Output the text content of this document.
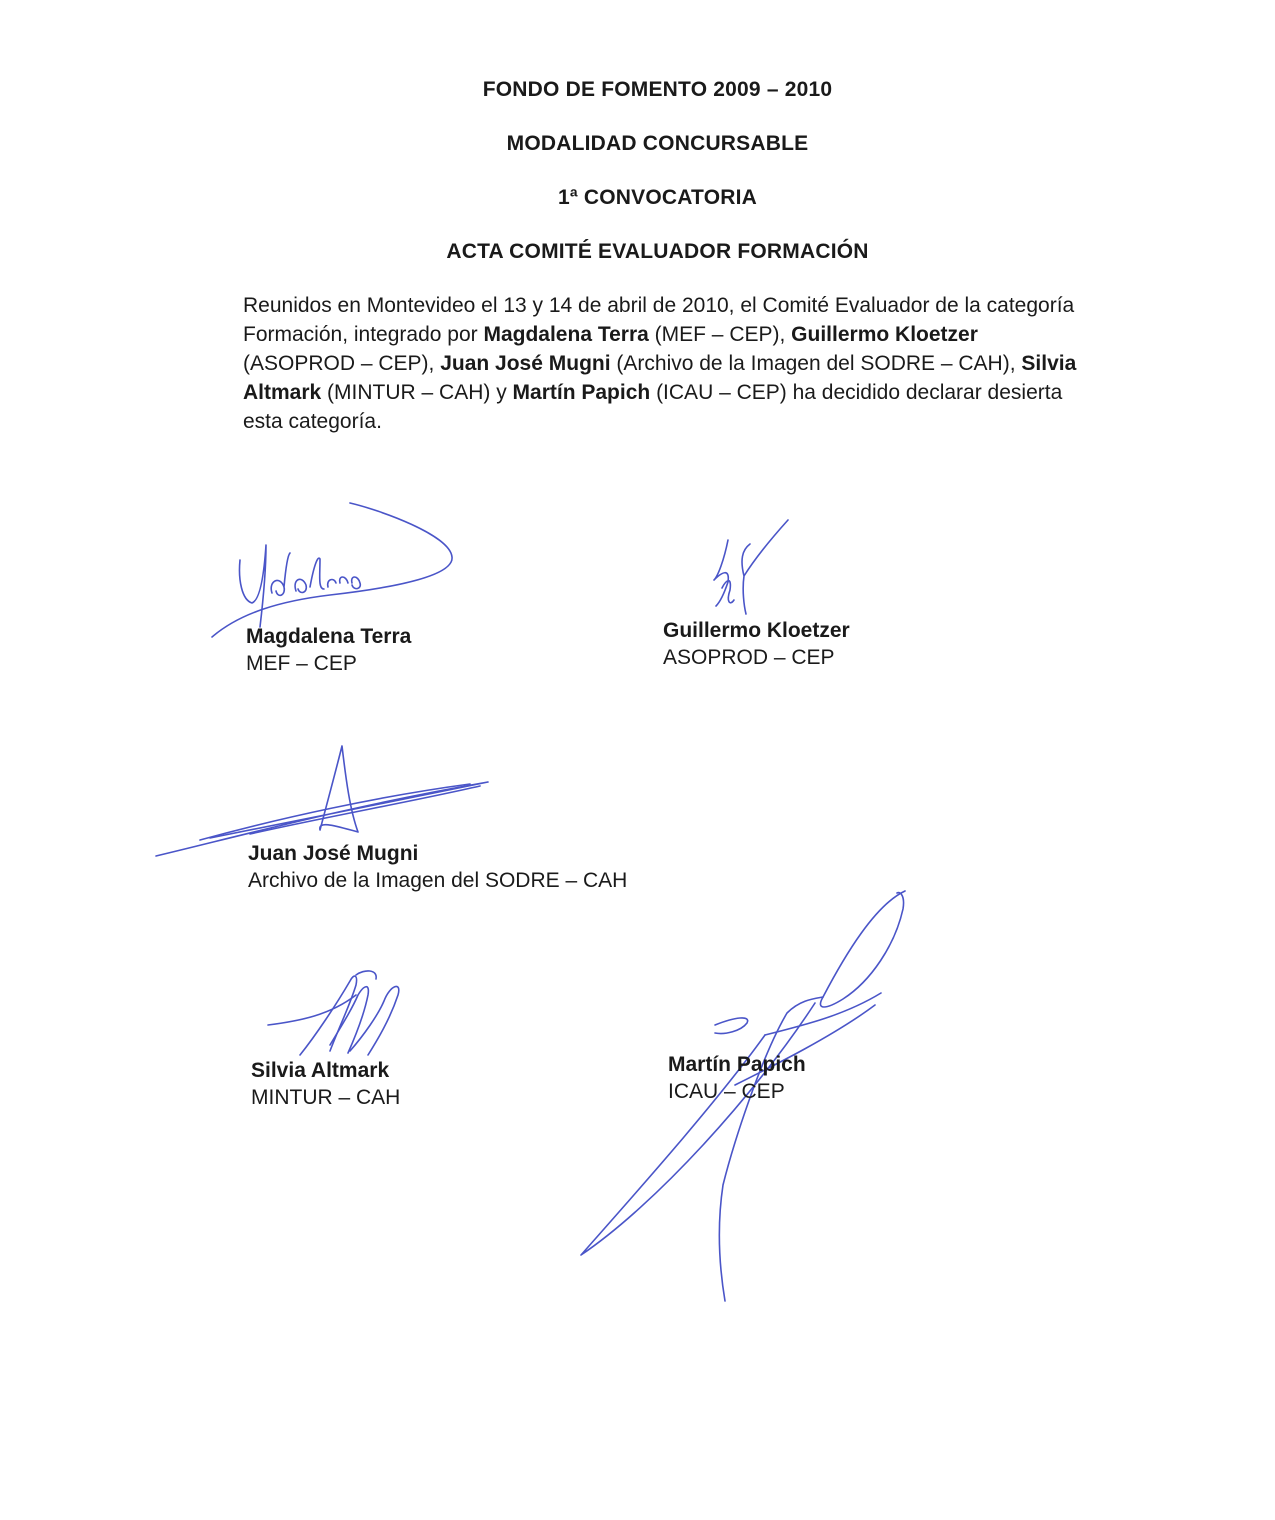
FONDO DE FOMENTO 2009 – 2010
MODALIDAD CONCURSABLE
1ª CONVOCATORIA
ACTA COMITÉ EVALUADOR FORMACIÓN

Reunidos en Montevideo el 13 y 14 de abril de 2010, el Comité Evaluador de la categoría Formación, integrado por Magdalena Terra (MEF – CEP), Guillermo Kloetzer (ASOPROD – CEP), Juan José Mugni (Archivo de la Imagen del SODRE – CAH), Silvia Altmark (MINTUR – CAH) y Martín Papich (ICAU – CEP) ha decidido declarar desierta esta categoría.

Magdalena Terra
MEF – CEP
Guillermo Kloetzer
ASOPROD – CEP
Juan José Mugni
Archivo de la Imagen del SODRE – CAH
Silvia Altmark
MINTUR – CAH
Martín Papich
ICAU – CEP
